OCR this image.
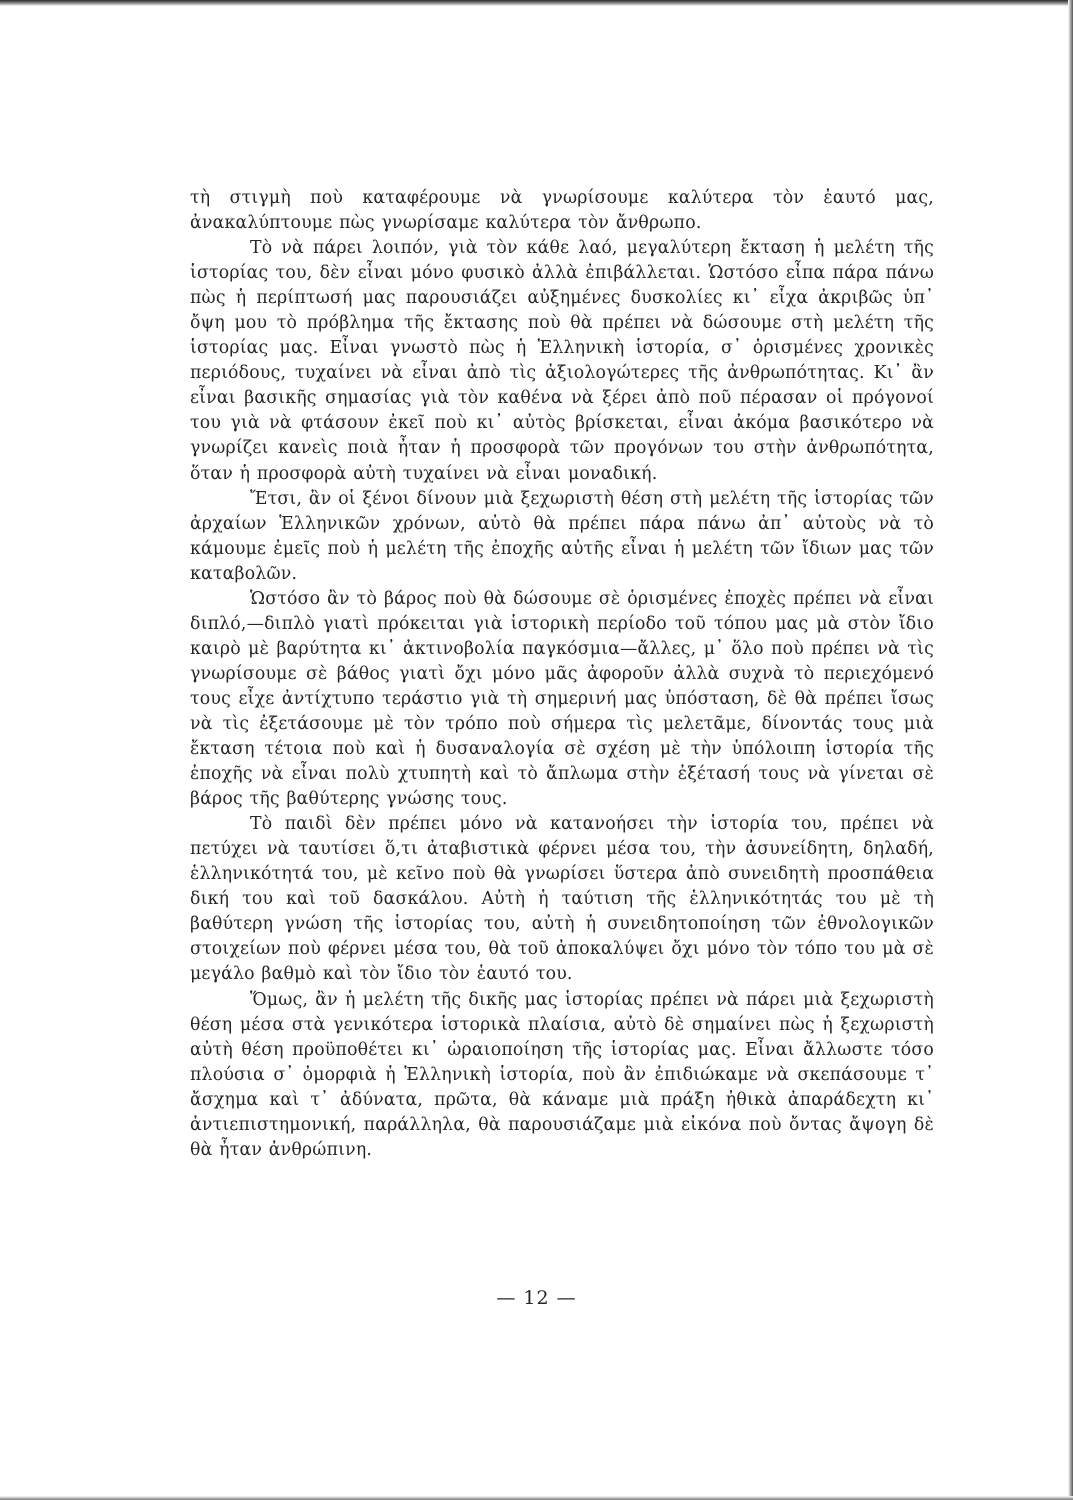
τὴ στιγμὴ ποὺ καταφέρουμε νὰ γνωρίσουμε καλύτερα τὸν ἑαυτό μας, ἀνακαλύπτουμε πὼς γνωρίσαμε καλύτερα τὸν ἄνθρωπο.

Τὸ νὰ πάρει λοιπόν, γιὰ τὸν κάθε λαό, μεγαλύτερη ἔκταση ἡ μελέτη τῆς ἱστορίας του, δὲν εἶναι μόνο φυσικὸ ἀλλὰ ἐπιβάλλεται. Ὡστόσο εἶπα πάρα πάνω πὼς ἡ περίπτωσή μας παρουσιάζει αὐξημένες δυσκολίες κι᾽ εἶχα ἀκριβῶς ὑπ᾽ ὄψη μου τὸ πρόβλημα τῆς ἔκτασης ποὺ θὰ πρέπει νὰ δώσουμε στὴ μελέτη τῆς ἱστορίας μας. Εἶναι γνωστὸ πὼς ἡ Ἑλληνικὴ ἱστορία, σ᾽ ὁρισμένες χρονικὲς περιόδους, τυχαίνει νὰ εἶναι ἀπὸ τὶς ἀξιολογώτερες τῆς ἀνθρωπότητας. Κι᾽ ἂν εἶναι βασικῆς σημασίας γιὰ τὸν καθένα νὰ ξέρει ἀπὸ ποῦ πέρασαν οἱ πρόγονοί του γιὰ νὰ φτάσουν ἐκεῖ ποὺ κι᾽ αὐτὸς βρίσκεται, εἶναι ἀκόμα βασικότερο νὰ γνωρίζει κανεὶς ποιὰ ἦταν ἡ προσφορὰ τῶν προγόνων του στὴν ἀνθρωπότητα, ὅταν ἡ προσφορὰ αὐτὴ τυχαίνει νὰ εἶναι μοναδική.

Ἔτσι, ἂν οἱ ξένοι δίνουν μιὰ ξεχωριστὴ θέση στὴ μελέτη τῆς ἱστορίας τῶν ἀρχαίων Ἑλληνικῶν χρόνων, αὐτὸ θὰ πρέπει πάρα πάνω ἀπ᾽ αὐτοὺς νὰ τὸ κάμουμε ἐμεῖς ποὺ ἡ μελέτη τῆς ἐποχῆς αὐτῆς εἶναι ἡ μελέτη τῶν ἴδιων μας τῶν καταβολῶν.

Ὡστόσο ἂν τὸ βάρος ποὺ θὰ δώσουμε σὲ ὁρισμένες ἐποχὲς πρέπει νὰ εἶναι διπλό,—διπλὸ γιατὶ πρόκειται γιὰ ἱστορικὴ περίοδο τοῦ τόπου μας μὰ στὸν ἴδιο καιρὸ μὲ βαρύτητα κι᾽ ἀκτινοβολία παγκόσμια—ἄλλες, μ᾽ ὅλο ποὺ πρέπει νὰ τὶς γνωρίσουμε σὲ βάθος γιατὶ ὄχι μόνο μᾶς ἀφοροῦν ἀλλὰ συχνὰ τὸ περιεχόμενό τους εἶχε ἀντίχτυπο τεράστιο γιὰ τὴ σημερινή μας ὑπόσταση, δὲ θὰ πρέπει ἴσως νὰ τὶς ἐξετάσουμε μὲ τὸν τρόπο ποὺ σήμερα τὶς μελετᾶμε, δίνοντάς τους μιὰ ἔκταση τέτοια ποὺ καὶ ἡ δυσαναλογία σὲ σχέση μὲ τὴν ὑπόλοιπη ἱστορία τῆς ἐποχῆς νὰ εἶναι πολὺ χτυπητὴ καὶ τὸ ἄπλωμα στὴν ἐξέτασή τους νὰ γίνεται σὲ βάρος τῆς βαθύτερης γνώσης τους.

Τὸ παιδὶ δὲν πρέπει μόνο νὰ κατανοήσει τὴν ἱστορία του, πρέπει νὰ πετύχει νὰ ταυτίσει ὅ,τι ἀταβιστικὰ φέρνει μέσα του, τὴν ἀσυνείδητη, δηλαδή, ἑλληνικότητά του, μὲ κεῖνο ποὺ θὰ γνωρίσει ὕστερα ἀπὸ συνειδητὴ προσπάθεια δική του καὶ τοῦ δασκάλου. Αὐτὴ ἡ ταύτιση τῆς ἑλληνικότητάς του μὲ τὴ βαθύτερη γνώση τῆς ἱστορίας του, αὐτὴ ἡ συνειδητοποίηση τῶν ἐθνολογικῶν στοιχείων ποὺ φέρνει μέσα του, θὰ τοῦ ἀποκαλύψει ὄχι μόνο τὸν τόπο του μὰ σὲ μεγάλο βαθμὸ καὶ τὸν ἴδιο τὸν ἑαυτό του.

Ὅμως, ἂν ἡ μελέτη τῆς δικῆς μας ἱστορίας πρέπει νὰ πάρει μιὰ ξεχωριστὴ θέση μέσα στὰ γενικότερα ἱστορικὰ πλαίσια, αὐτὸ δὲ σημαίνει πὼς ἡ ξεχωριστὴ αὐτὴ θέση προϋποθέτει κι᾽ ὡραιοποίηση τῆς ἱστορίας μας. Εἶναι ἄλλωστε τόσο πλούσια σ᾽ ὀμορφιὰ ἡ Ἑλληνικὴ ἱστορία, ποὺ ἂν ἐπιδιώκαμε νὰ σκεπάσουμε τ᾽ ἄσχημα καὶ τ᾽ ἀδύνατα, πρῶτα, θὰ κάναμε μιὰ πράξη ἠθικὰ ἀπαράδεχτη κι᾽ ἀντιεπιστημονική, παράλληλα, θὰ παρουσιάζαμε μιὰ εἰκόνα ποὺ ὄντας ἄψογη δὲ θὰ ἦταν ἀνθρώπινη.

— 12 —
